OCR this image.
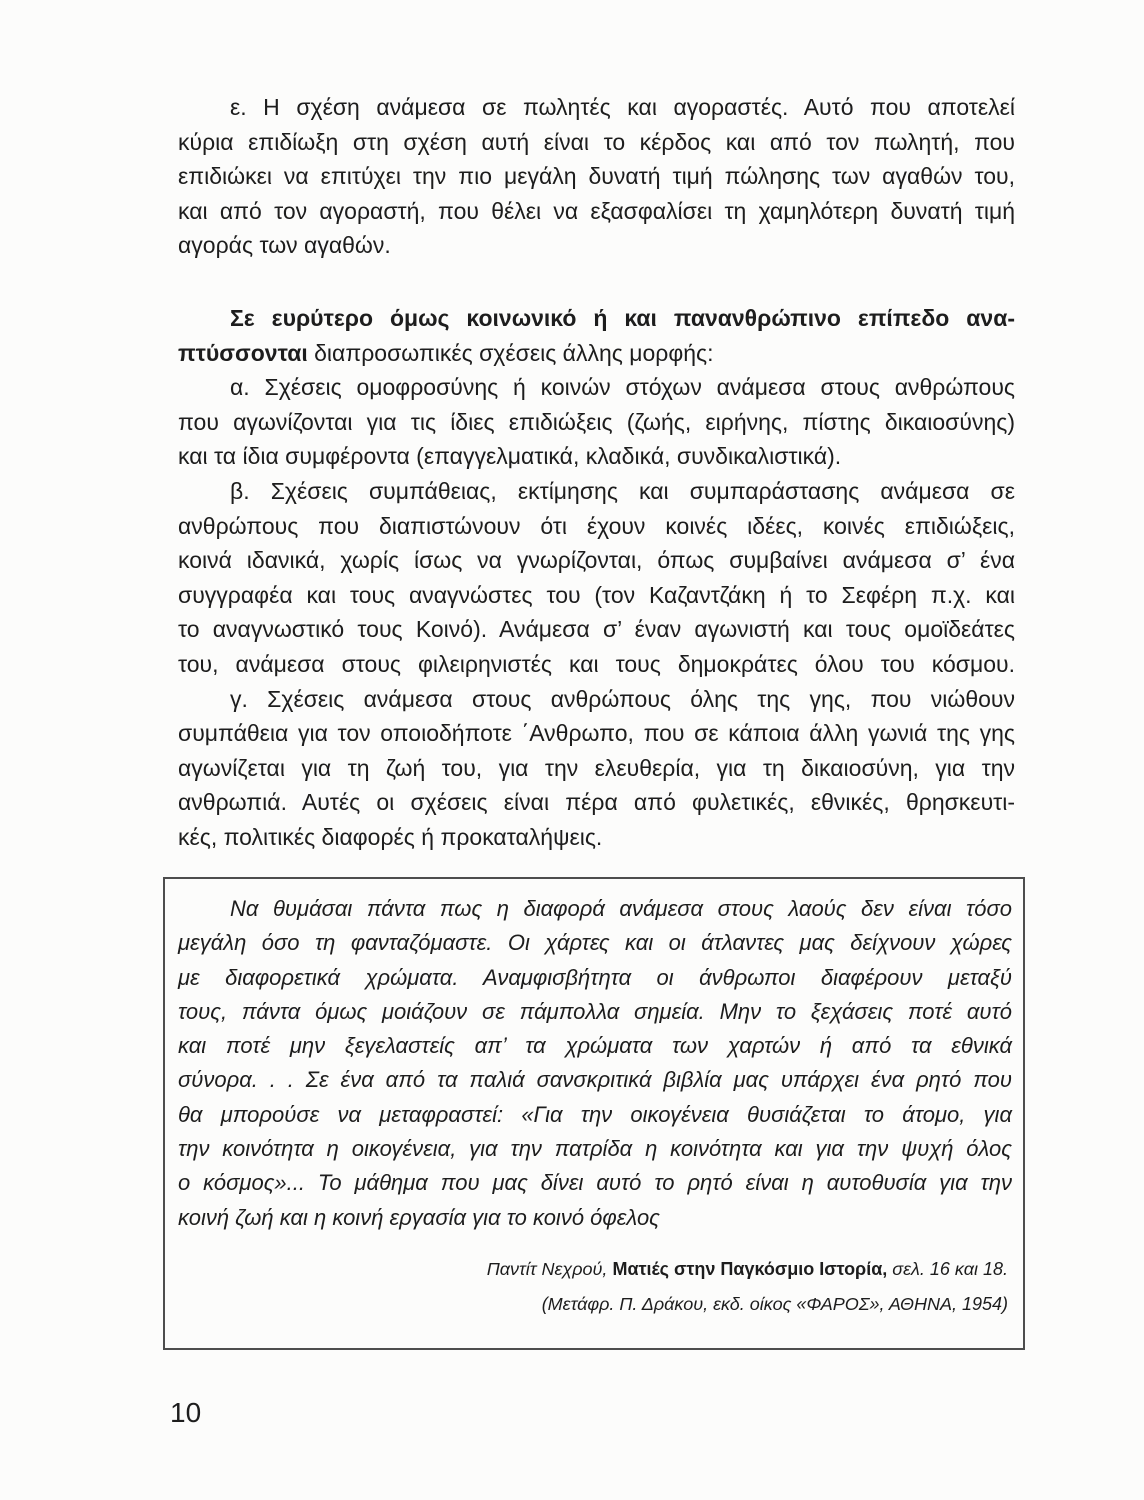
ε. Η σχέση ανάμεσα σε πωλητές και αγοραστές. Αυτό που αποτελεί
κύρια επιδίωξη στη σχέση αυτή είναι το κέρδος και από τον πωλητή, που
επιδιώκει να επιτύχει την πιο μεγάλη δυνατή τιμή πώλησης των αγαθών του,
και από τον αγοραστή, που θέλει να εξασφαλίσει τη χαμηλότερη δυνατή τιμή
αγοράς των αγαθών.
Σε ευρύτερο όμως κοινωνικό ή και πανανθρώπινο επίπεδο ανα-
πτύσσονται διαπροσωπικές σχέσεις άλλης μορφής:
α. Σχέσεις ομοφροσύνης ή κοινών στόχων ανάμεσα στους ανθρώπους
που αγωνίζονται για τις ίδιες επιδιώξεις (ζωής, ειρήνης, πίστης δικαιοσύνης)
και τα ίδια συμφέροντα (επαγγελματικά, κλαδικά, συνδικαλιστικά).
β. Σχέσεις συμπάθειας, εκτίμησης και συμπαράστασης ανάμεσα σε
ανθρώπους που διαπιστώνουν ότι έχουν κοινές ιδέες, κοινές επιδιώξεις,
κοινά ιδανικά, χωρίς ίσως να γνωρίζονται, όπως συμβαίνει ανάμεσα σ’ ένα
συγγραφέα και τους αναγνώστες του (τον Καζαντζάκη ή το Σεφέρη π.χ. και
το αναγνωστικό τους Κοινό). Ανάμεσα σ’ έναν αγωνιστή και τους ομοϊδεάτες
του, ανάμεσα στους φιλειρηνιστές και τους δημοκράτες όλου του κόσμου.
γ. Σχέσεις ανάμεσα στους ανθρώπους όλης της γης, που νιώθουν
συμπάθεια για τον οποιοδήποτε ΄Ανθρωπο, που σε κάποια άλλη γωνιά της γης
αγωνίζεται για τη ζωή του, για την ελευθερία, για τη δικαιοσύνη, για την
ανθρωπιά. Αυτές οι σχέσεις είναι πέρα από φυλετικές, εθνικές, θρησκευτι-
κές, πολιτικές διαφορές ή προκαταλήψεις.
Να θυμάσαι πάντα πως η διαφορά ανάμεσα στους λαούς δεν είναι τόσο
μεγάλη όσο τη φανταζόμαστε. Οι χάρτες και οι άτλαντες μας δείχνουν χώρες
με διαφορετικά χρώματα. Αναμφισβήτητα οι άνθρωποι διαφέρουν μεταξύ
τους, πάντα όμως μοιάζουν σε πάμπολλα σημεία. Μην το ξεχάσεις ποτέ αυτό
και ποτέ μην ξεγελαστείς απ’ τα χρώματα των χαρτών ή από τα εθνικά
σύνορα. . . Σε ένα από τα παλιά σανσκριτικά βιβλία μας υπάρχει ένα ρητό που
θα μπορούσε να μεταφραστεί: «Για την οικογένεια θυσιάζεται το άτομο, για
την κοινότητα η οικογένεια, για την πατρίδα η κοινότητα και για την ψυχή όλος
ο κόσμος»... Το μάθημα που μας δίνει αυτό το ρητό είναι η αυτοθυσία για την
κοινή ζωή και η κοινή εργασία για το κοινό όφελος
Παντίτ Νεχρού, Ματιές στην Παγκόσμιο Ιστορία, σελ. 16 και 18.
(Μετάφρ. Π. Δράκου, εκδ. οίκος «ΦΑΡΟΣ», ΑΘΗΝΑ, 1954)
10
